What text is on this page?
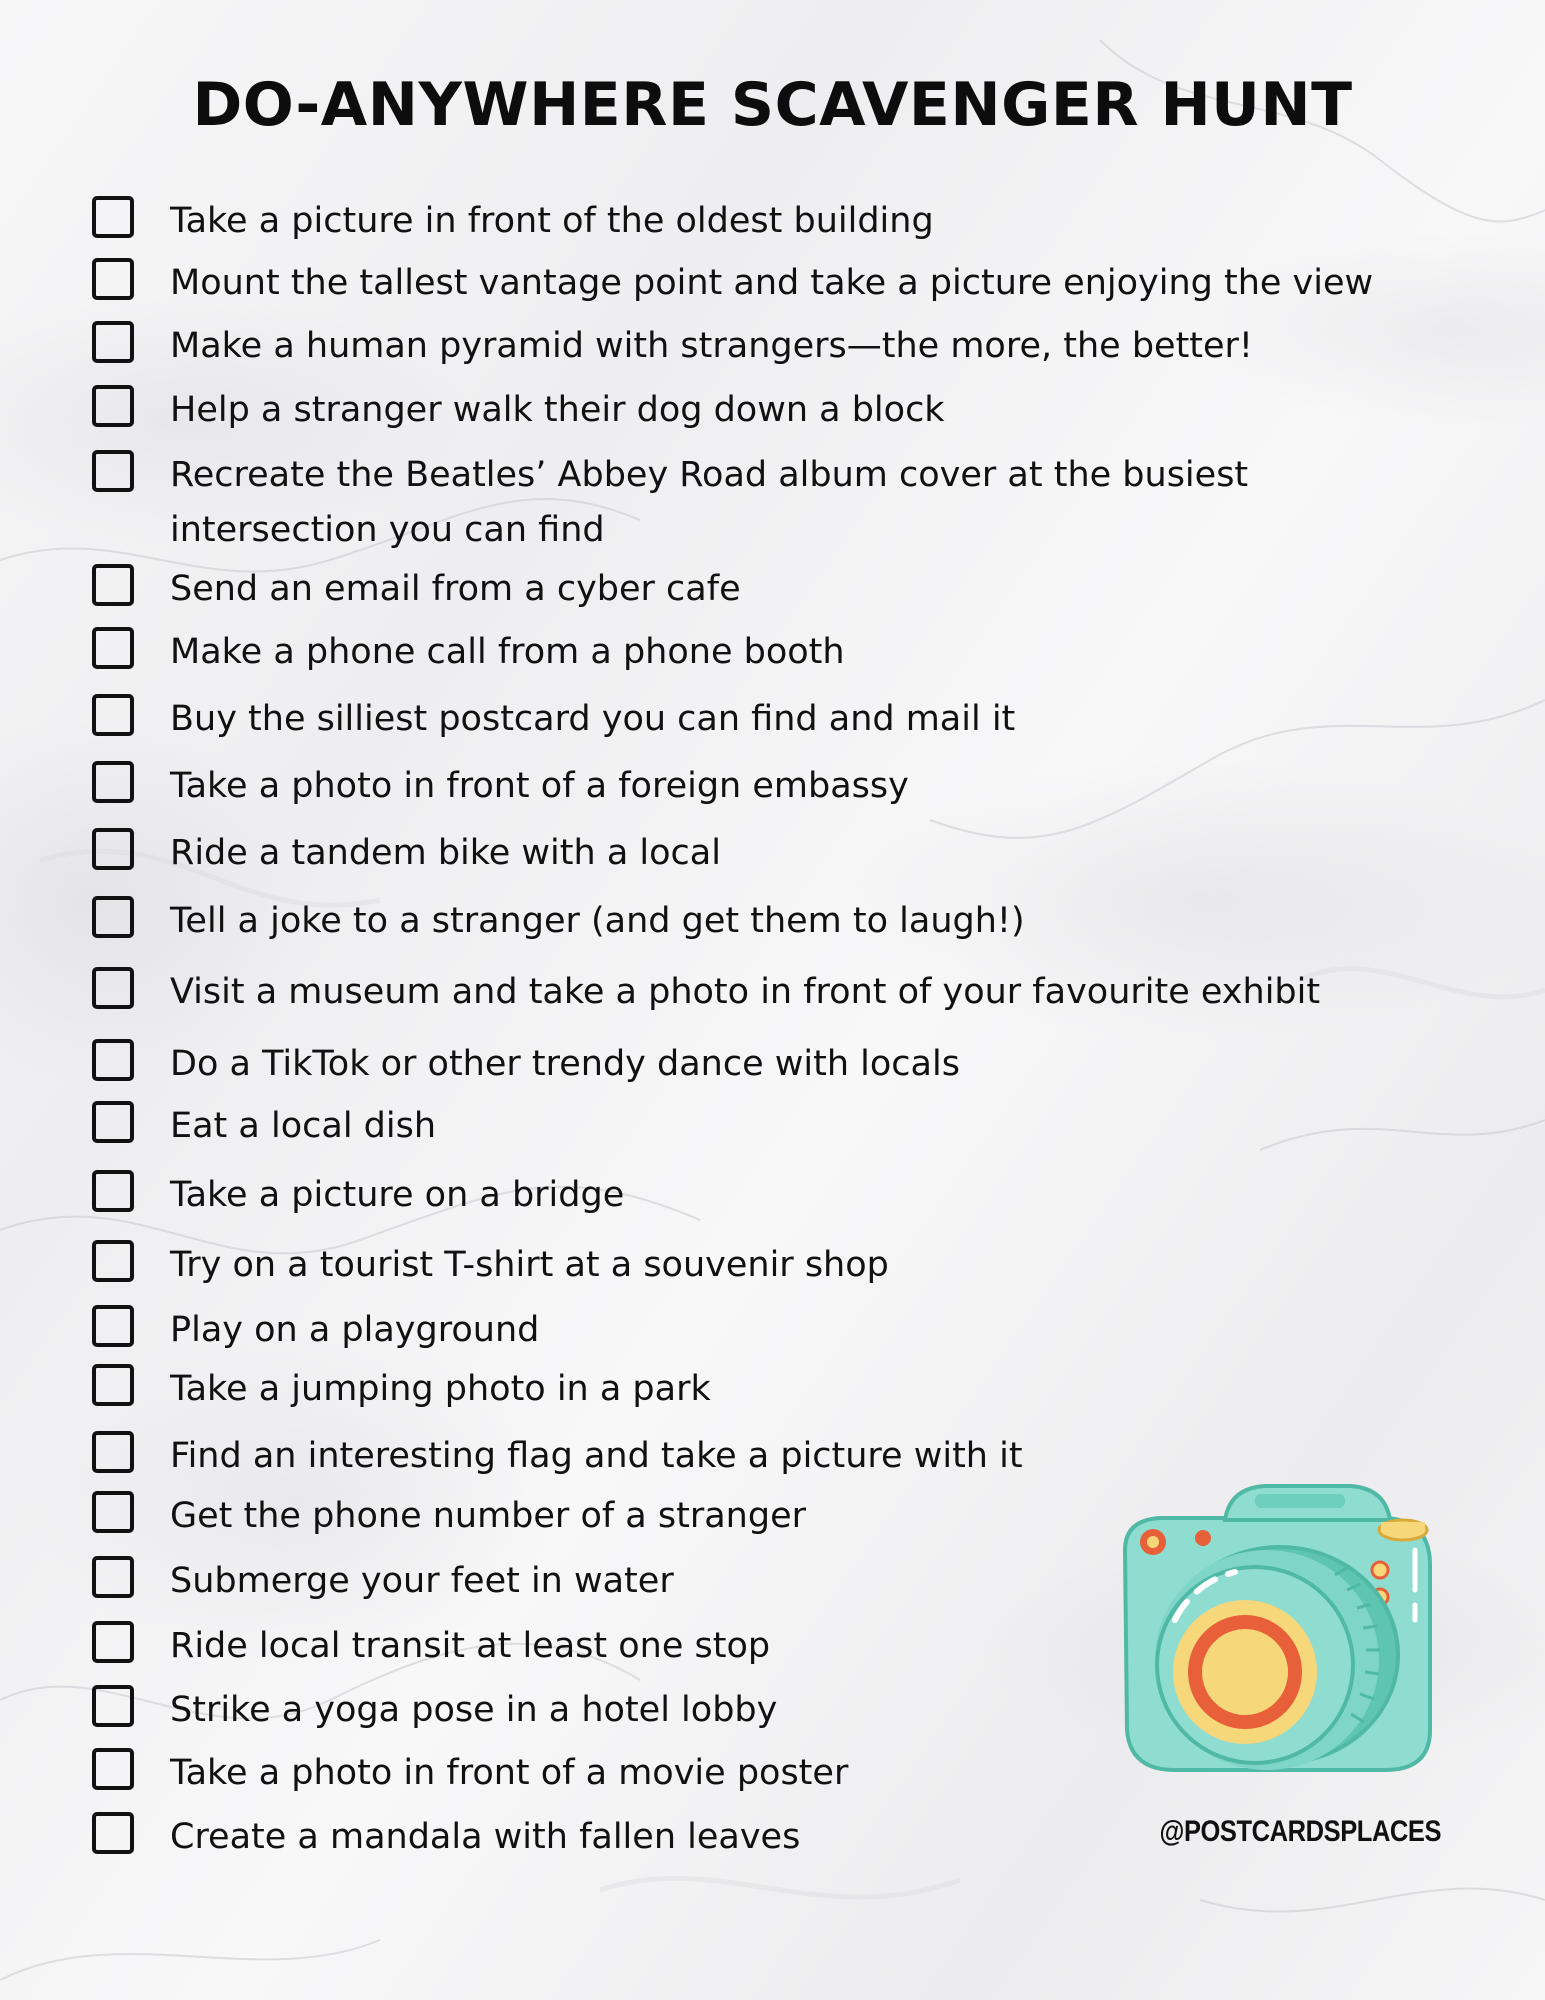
DO-ANYWHERE SCAVENGER HUNT
Take a picture in front of the oldest building
Mount the tallest vantage point and take a picture enjoying the view
Make a human pyramid with strangers—the more, the better!
Help a stranger walk their dog down a block
Recreate the Beatles’ Abbey Road album cover at the busiest intersection you can find
Send an email from a cyber cafe
Make a phone call from a phone booth
Buy the silliest postcard you can find and mail it
Take a photo in front of a foreign embassy
Ride a tandem bike with a local
Tell a joke to a stranger (and get them to laugh!)
Visit a museum and take a photo in front of your favourite exhibit
Do a TikTok or other trendy dance with locals
Eat a local dish
Take a picture on a bridge
Try on a tourist T-shirt at a souvenir shop
Play on a playground
Take a jumping photo in a park
Find an interesting flag and take a picture with it
Get the phone number of a stranger
Submerge your feet in water
Ride local transit at least one stop
Strike a yoga pose in a hotel lobby
Take a photo in front of a movie poster
Create a mandala with fallen leaves	@POSTCARDSPLACES
